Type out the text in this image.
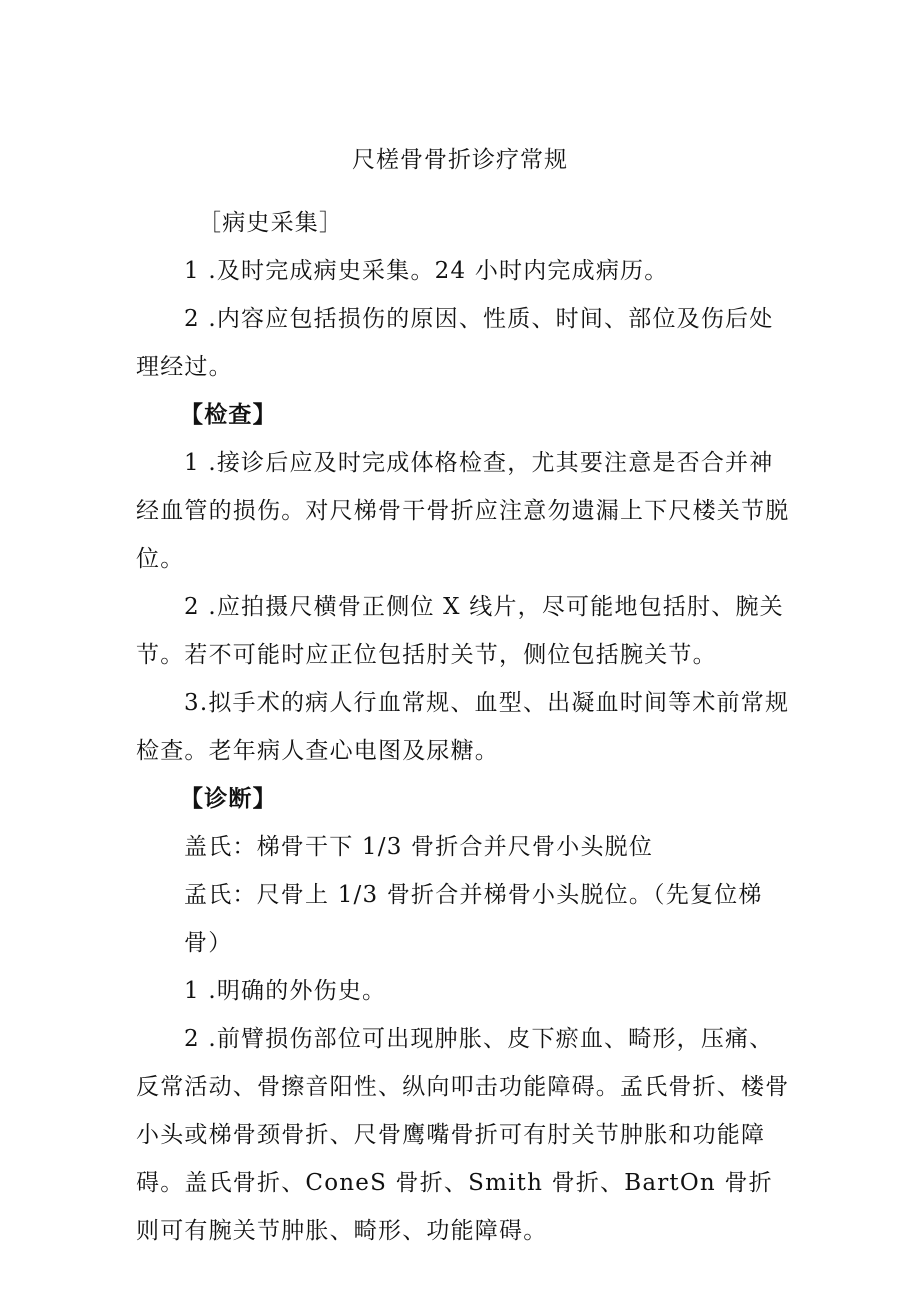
尺槎骨骨折诊疗常规

［病史采集］

1 .及时完成病史采集。24 小时内完成病历。

2 .内容应包括损伤的原因、性质、时间、部位及伤后处理经过。

【检查】

1 .接诊后应及时完成体格检查，尤其要注意是否合并神经血管的损伤。对尺梯骨干骨折应注意勿遗漏上下尺楼关节脱位。

2 .应拍摄尺横骨正侧位 X 线片，尽可能地包括肘、腕关节。若不可能时应正位包括肘关节，侧位包括腕关节。

3.拟手术的病人行血常规、血型、出凝血时间等术前常规检查。老年病人查心电图及尿糖。

【诊断】

盖氏：梯骨干下 1/3 骨折合并尺骨小头脱位

孟氏：尺骨上 1/3 骨折合并梯骨小头脱位。（先复位梯骨）

1 .明确的外伤史。

2 .前臂损伤部位可出现肿胀、皮下瘀血、畸形，压痛、反常活动、骨擦音阳性、纵向叩击功能障碍。孟氏骨折、楼骨小头或梯骨颈骨折、尺骨鹰嘴骨折可有肘关节肿胀和功能障碍。盖氏骨折、ConeS 骨折、Smith 骨折、BartOn 骨折则可有腕关节肿胀、畸形、功能障碍。
